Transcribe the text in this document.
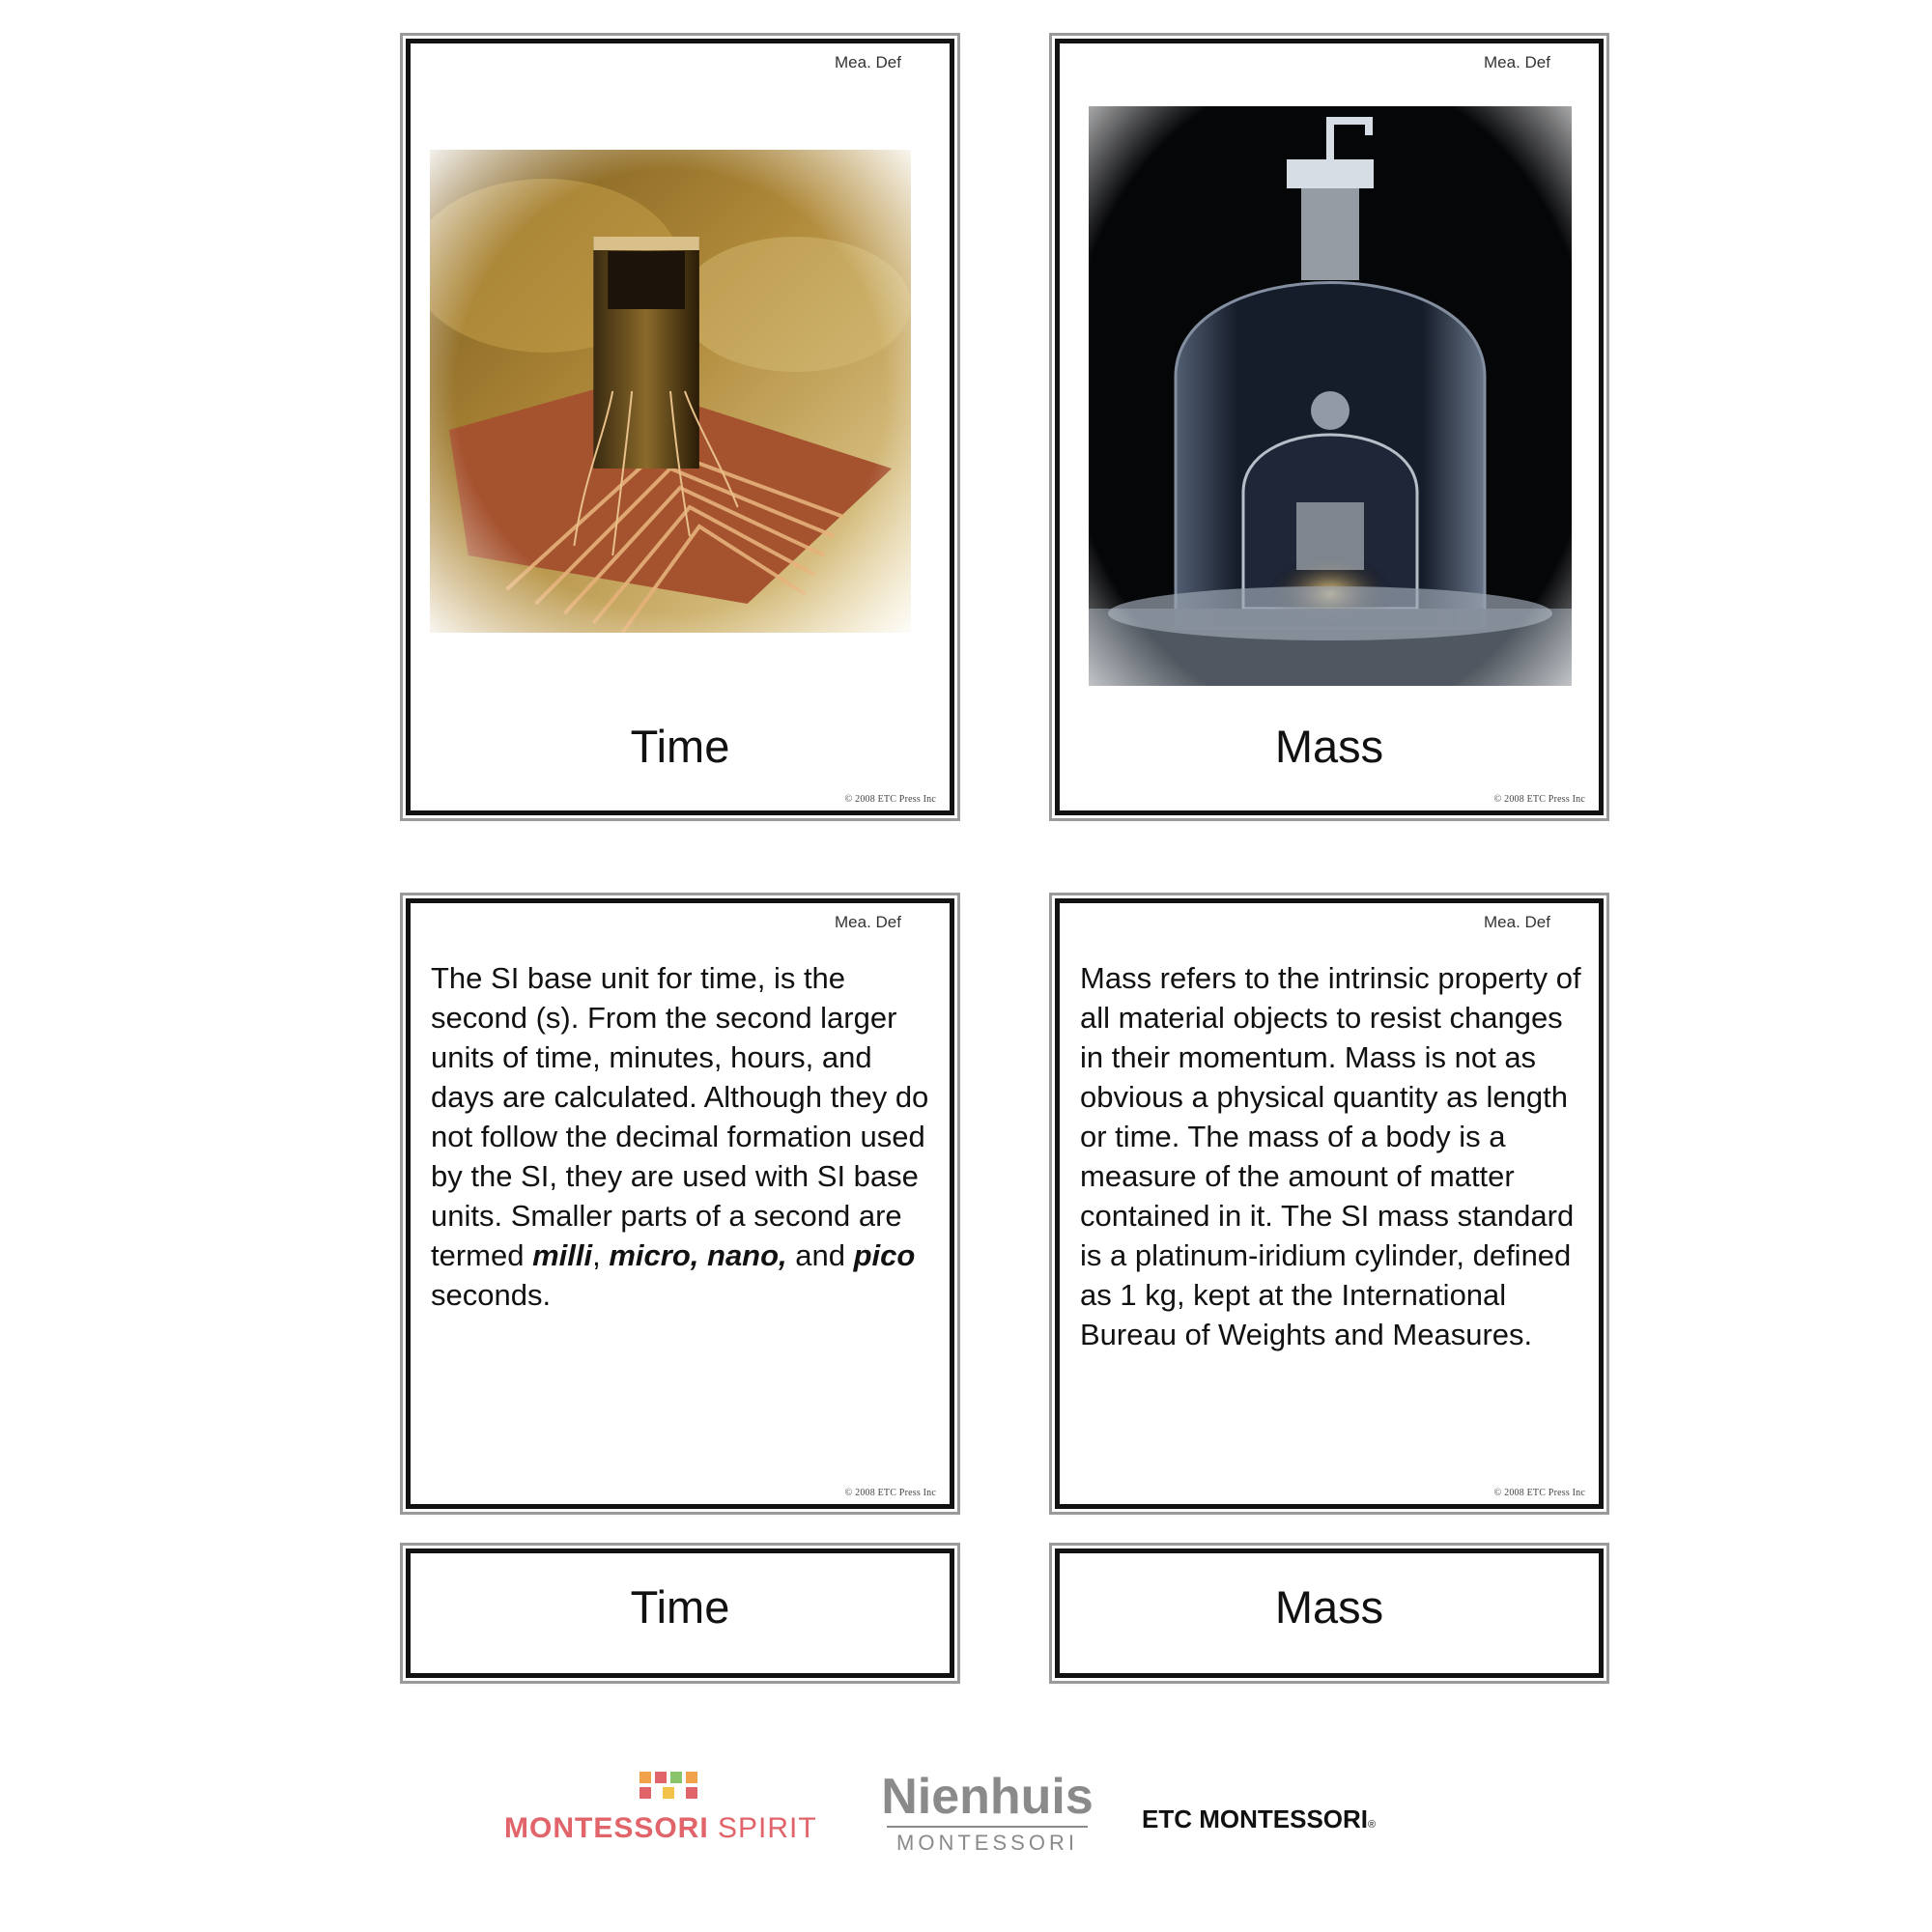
Mea. Def
Time
© 2008 ETC Press Inc
Mea. Def
Mass
© 2008 ETC Press Inc
Mea. Def

The SI base unit for time, is the second (s). From the second larger units of time, minutes, hours, and days are calculated. Although they do not follow the decimal formation used by the SI, they are used with SI base units. Smaller parts of a second are termed milli, micro, nano, and pico seconds.

© 2008 ETC Press Inc
Mea. Def

Mass refers to the intrinsic property of all material objects to resist changes in their momentum. Mass is not as obvious a physical quantity as length or time. The mass of a body is a measure of the amount of matter contained in it. The SI mass standard is a platinum-iridium cylinder, defined as 1 kg, kept at the International Bureau of Weights and Measures.

© 2008 ETC Press Inc
Time	Mass
MONTESSORI SPIRIT
Nienhuis
MONTESSORI
ETC MONTESSORI®
